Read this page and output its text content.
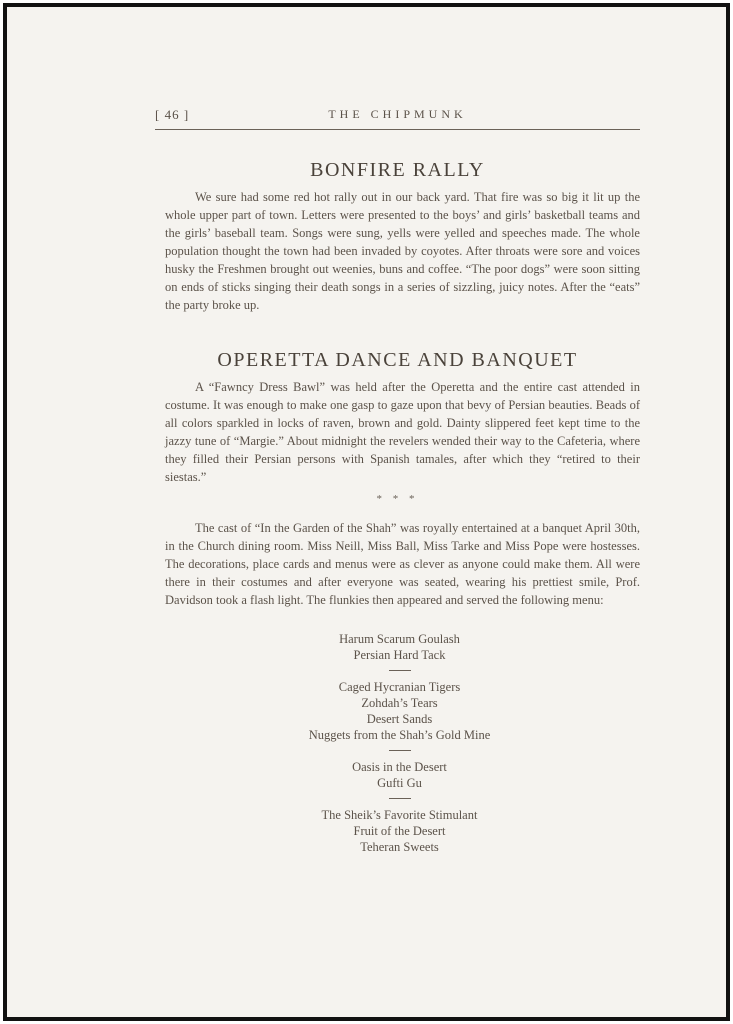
[ 46 ]	THE CHIPMUNK
BONFIRE RALLY

We sure had some red hot rally out in our back yard. That fire was so big it lit up the whole upper part of town. Letters were presented to the boys’ and girls’ basketball teams and the girls’ baseball team. Songs were sung, yells were yelled and speeches made. The whole population thought the town had been invaded by coyotes. After throats were sore and voices husky the Freshmen brought out weenies, buns and coffee. “The poor dogs” were soon sitting on ends of sticks singing their death songs in a series of sizzling, juicy notes. After the “eats” the party broke up.

OPERETTA DANCE AND BANQUET

A “Fawncy Dress Bawl” was held after the Operetta and the entire cast attended in costume. It was enough to make one gasp to gaze upon that bevy of Persian beauties. Beads of all colors sparkled in locks of raven, brown and gold. Dainty slippered feet kept time to the jazzy tune of “Margie.” About midnight the revelers wended their way to the Cafeteria, where they filled their Persian persons with Spanish tamales, after which they “retired to their siestas.”

* * *

The cast of “In the Garden of the Shah” was royally entertained at a banquet April 30th, in the Church dining room. Miss Neill, Miss Ball, Miss Tarke and Miss Pope were hostesses. The decorations, place cards and menus were as clever as anyone could make them. All were there in their costumes and after everyone was seated, wearing his prettiest smile, Prof. Davidson took a flash light. The flunkies then appeared and served the following menu:

Harum Scarum Goulash
Persian Hard Tack
Caged Hycranian Tigers
Zohdah’s Tears
Desert Sands
Nuggets from the Shah’s Gold Mine
Oasis in the Desert
Gufti Gu
The Sheik’s Favorite Stimulant
Fruit of the Desert
Teheran Sweets
